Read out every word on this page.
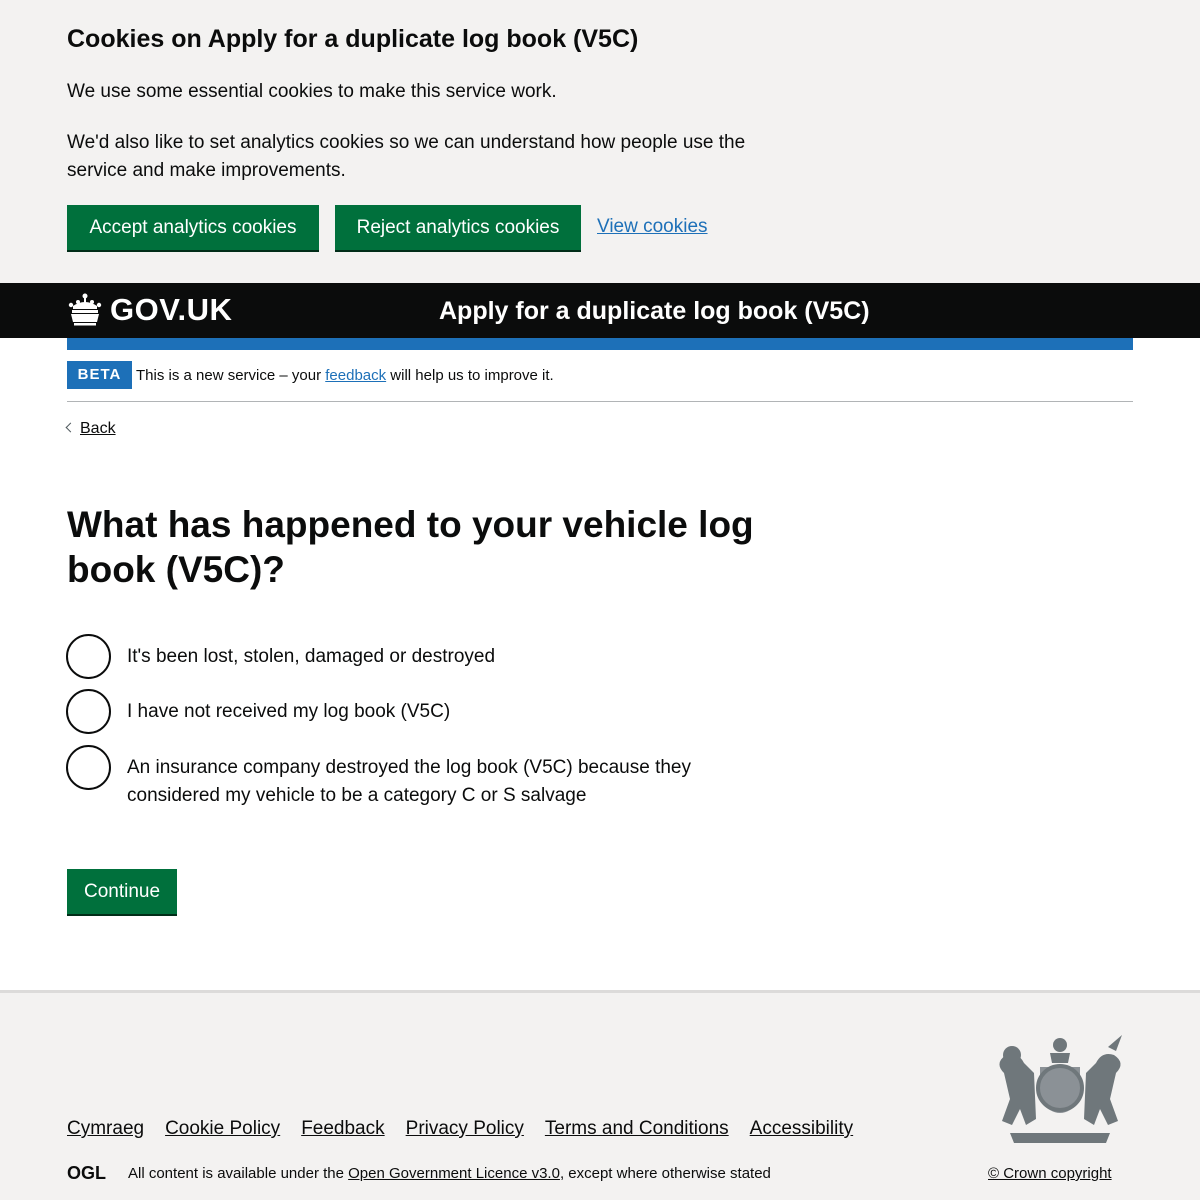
Cookies on Apply for a duplicate log book (V5C)

We use some essential cookies to make this service work.

We'd also like to set analytics cookies so we can understand how people use the service and make improvements.

Accept analytics cookies	Reject analytics cookies	View cookies
GOV.UK	Apply for a duplicate log book (V5C)
BETA This is a new service – your feedback will help us to improve it.
Back
What has happened to your vehicle log book (V5C)?
It's been lost, stolen, damaged or destroyed
I have not received my log book (V5C)
An insurance company destroyed the log book (V5C) because they considered my vehicle to be a category C or S salvage
Continue
Cymraeg Cookie Policy Feedback Privacy Policy Terms and Conditions Accessibility
OGL All content is available under the Open Government Licence v3.0, except where otherwise stated	© Crown copyright
